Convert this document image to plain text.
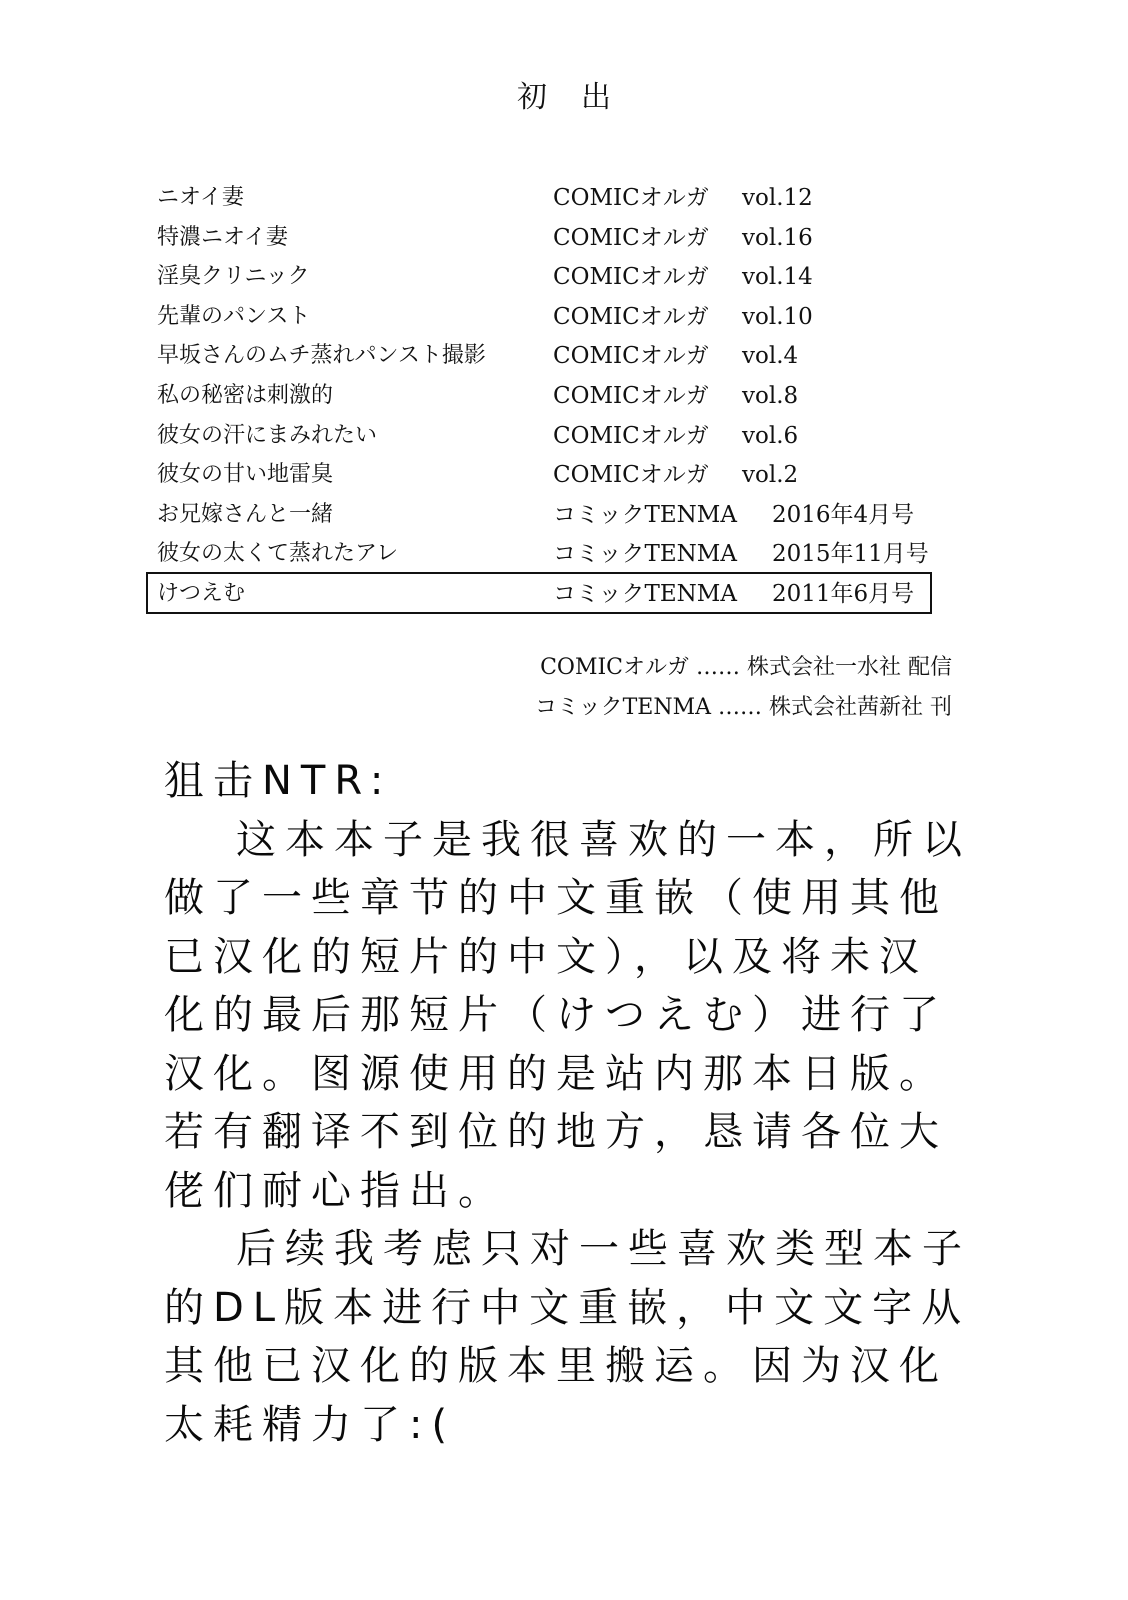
初出
ニオイ妻	COMICオルガ vol.12
特濃ニオイ妻	COMICオルガ vol.16
淫臭クリニック	COMICオルガ vol.14
先輩のパンスト	COMICオルガ vol.10
早坂さんのムチ蒸れパンスト撮影	COMICオルガ vol.4
私の秘密は刺激的	COMICオルガ vol.8
彼女の汗にまみれたい	COMICオルガ vol.6
彼女の甘い地雷臭	COMICオルガ vol.2
お兄嫁さんと一緒	コミックTENMA 2016年4月号
彼女の太くて蒸れたアレ	コミックTENMA 2015年11月号
けつえむ	コミックTENMA 2011年6月号
COMICオルガ …… 株式会社一水社 配信
コミックTENMA …… 株式会社茜新社 刊
狙击NTR:
这本本子是我很喜欢的一本，所以
做了一些章节的中文重嵌（使用其他
已汉化的短片的中文），以及将未汉
化的最后那短片（けつえむ）进行了
汉化。图源使用的是站内那本日版。
若有翻译不到位的地方，恳请各位大
佬们耐心指出。
后续我考虑只对一些喜欢类型本子
的DL版本进行中文重嵌，中文文字从
其他已汉化的版本里搬运。因为汉化
太耗精力了:(
